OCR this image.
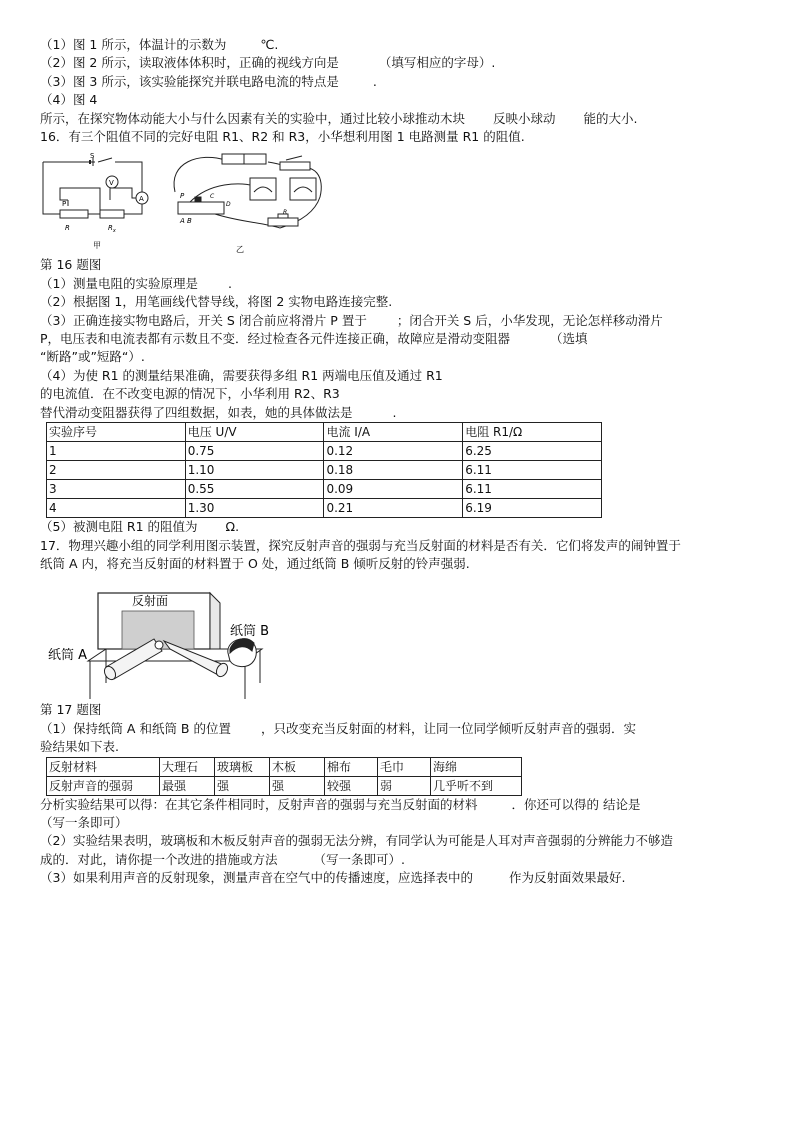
（1）图 1 所示，体温计的示数为	℃.
（2）图 2 所示，读取液体体积时，正确的视线方向是	（填写相应的字母）.
（3）图 3 所示，该实验能探究并联电路电流的特点是	.
（4）图 4
所示，在探究物体动能大小与什么因素有关的实验中，通过比较小球推动木块 反映小球动 能的大小.
16．有三个阻值不同的完好电阻 R1、R2 和 R3，小华想利用图 1 电路测量 R1 的阻值.
S
V
A
P
R	$R_x$
甲
P
A B
C
D
R
乙
第 16 题图
（1）测量电阻的实验原理是 .
（2）根据图 1，用笔画线代替导线，将图 2 实物电路连接完整.
（3）正确连接实物电路后，开关 S 闭合前应将滑片 P 置于 ；闭合开关 S 后，小华发现，无论怎样移动滑片
P，电压表和电流表都有示数且不变．经过检查各元件连接正确，故障应是滑动变阻器	（选填
“断路”或”短路“）.
（4）为使 R1 的测量结果准确，需要获得多组 R1 两端电压值及通过 R1
的电流值．在不改变电源的情况下，小华利用 R2、R3
替代滑动变阻器获得了四组数据，如表，她的具体做法是	.
实验序号	电压 U/V	电流 I/A	电阻 R1/Ω
1	0.75	0.12	6.25
2	1.10	0.18	6.11
3	0.55	0.09	6.11
4	1.30	0.21	6.19
（5）被测电阻 R1 的阻值为 Ω.
17．物理兴趣小组的同学利用图示装置，探究反射声音的强弱与充当反射面的材料是否有关．它们将发声的闹钟置于
纸筒 A 内，将充当反射面的材料置于 O 处，通过纸筒 B 倾听反射的铃声强弱.
反射面
纸筒 A
纸筒 B
第 17 题图
（1）保持纸筒 A 和纸筒 B 的位置 ，只改变充当反射面的材料，让同一位同学倾听反射声音的强弱．实
验结果如下表.
反射材料	大理石	玻璃板	木板	棉布	毛巾	海绵
反射声音的强弱	最强	强	强	较强	弱	几乎听不到
分析实验结果可以得：在其它条件相同时，反射声音的强弱与充当反射面的材料	．你还可以得的 结论是
（写一条即可）
（2）实验结果表明，玻璃板和木板反射声音的强弱无法分辨，有同学认为可能是人耳对声音强弱的分辨能力不够造
成的．对此，请你提一个改进的措施或方法	（写一条即可）.
（3）如果利用声音的反射现象，测量声音在空气中的传播速度，应选择表中的	作为反射面效果最好.
